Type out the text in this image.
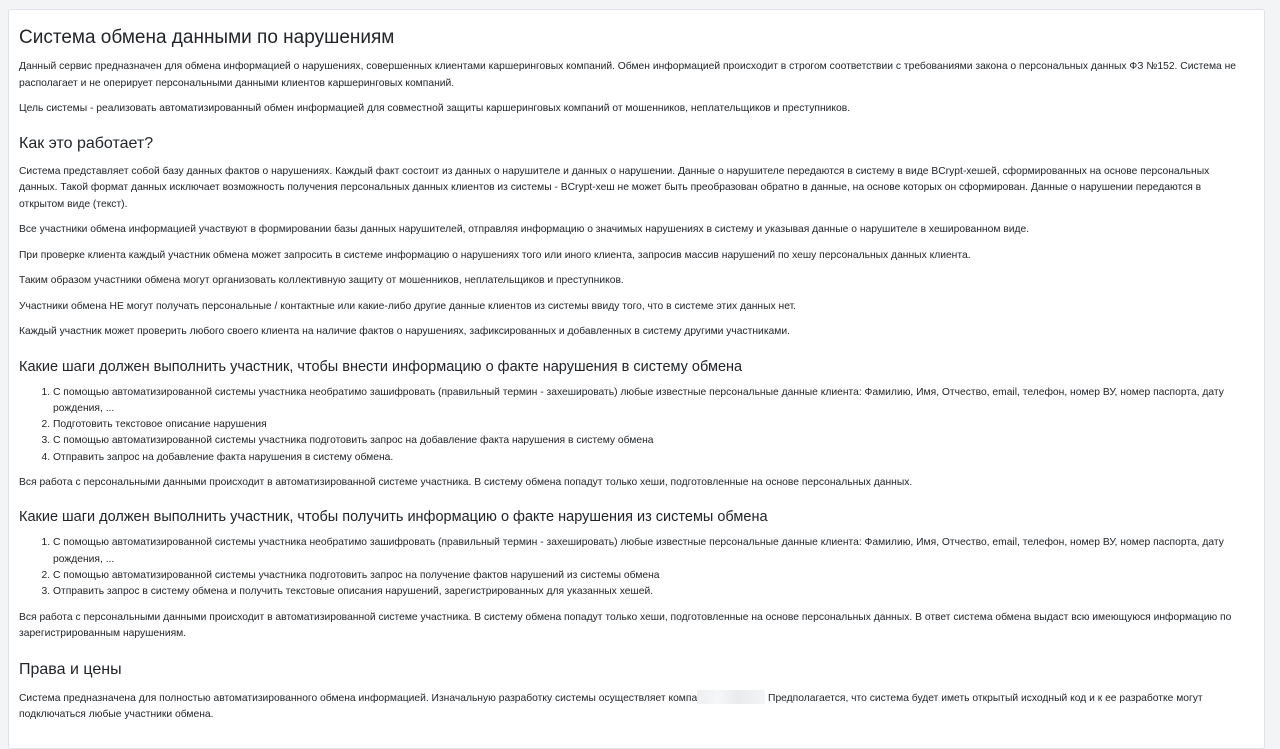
Система обмена данными по нарушениям

Данный сервис предназначен для обмена информацией о нарушениях, совершенных клиентами каршеринговых компаний. Обмен информацией происходит в строгом соответствии с требованиями закона о персональных данных ФЗ №152. Система не располагает и не оперирует персональными данными клиентов каршеринговых компаний.

Цель системы - реализовать автоматизированный обмен информацией для совместной защиты каршеринговых компаний от мошенников, неплательщиков и преступников.

Как это работает?

Система представляет собой базу данных фактов о нарушениях. Каждый факт состоит из данных о нарушителе и данных о нарушении. Данные о нарушителе передаются в систему в виде BCrypt-хешей, сформированных на основе персональных данных. Такой формат данных исключает возможность получения персональных данных клиентов из системы - BCrypt-хеш не может быть преобразован обратно в данные, на основе которых он сформирован. Данные о нарушении передаются в открытом виде (текст).

Все участники обмена информацией участвуют в формировании базы данных нарушителей, отправляя информацию о значимых нарушениях в систему и указывая данные о нарушителе в хешированном виде.

При проверке клиента каждый участник обмена может запросить в системе информацию о нарушениях того или иного клиента, запросив массив нарушений по хешу персональных данных клиента.

Таким образом участники обмена могут организовать коллективную защиту от мошенников, неплательщиков и преступников.

Участники обмена НЕ могут получать персональные / контактные или какие-либо другие данные клиентов из системы ввиду того, что в системе этих данных нет.

Каждый участник может проверить любого своего клиента на наличие фактов о нарушениях, зафиксированных и добавленных в систему другими участниками.

Какие шаги должен выполнить участник, чтобы внести информацию о факте нарушения в систему обмена
1. С помощью автоматизированной системы участника необратимо зашифровать (правильный термин - захешировать) любые известные персональные данные клиента: Фамилию, Имя, Отчество, email, телефон, номер ВУ, номер паспорта, дату рождения, ...
2. Подготовить текстовое описание нарушения
3. С помощью автоматизированной системы участника подготовить запрос на добавление факта нарушения в систему обмена
4. Отправить запрос на добавление факта нарушения в систему обмена.

Вся работа с персональными данными происходит в автоматизированной системе участника. В систему обмена попадут только хеши, подготовленные на основе персональных данных.

Какие шаги должен выполнить участник, чтобы получить информацию о факте нарушения из системы обмена
1. С помощью автоматизированной системы участника необратимо зашифровать (правильный термин - захешировать) любые известные персональные данные клиента: Фамилию, Имя, Отчество, email, телефон, номер ВУ, номер паспорта, дату рождения, ...
2. С помощью автоматизированной системы участника подготовить запрос на получение фактов нарушений из системы обмена
3. Отправить запрос в систему обмена и получить текстовые описания нарушений, зарегистрированных для указанных хешей.

Вся работа с персональными данными происходит в автоматизированной системе участника. В систему обмена попадут только хеши, подготовленные на основе персональных данных. В ответ система обмена выдаст всю имеющуюся информацию по зарегистрированным нарушениям.

Права и цены

Система предназначена для полностью автоматизированного обмена информацией. Изначальную разработку системы осуществляет компа	Предполагается, что система будет иметь открытый исходный код и к ее разработке могут подключаться любые участники обмена.
